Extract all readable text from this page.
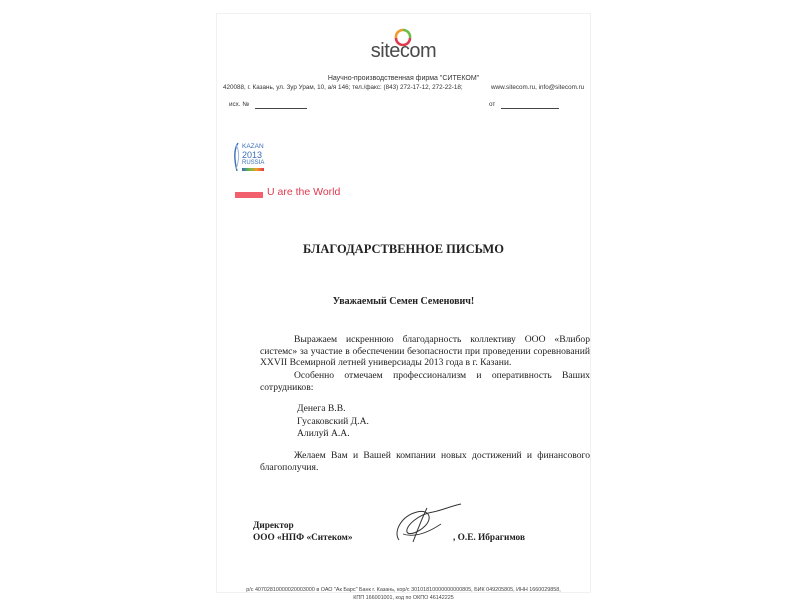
sitecom
Научно-производственная фирма "СИТЕКОМ"
420088, г. Казань, ул. Зур Урам, 10, а/я 146; тел./факс: (843) 272-17-12, 272-22-18;	www.sitecom.ru, info@sitecom.ru
исх. №	от
KAZAN
2013
RUSSIA
U are the World
БЛАГОДАРСТВЕННОЕ ПИСЬМО
Уважаемый Семен Семенович!
Выражаем искреннюю благодарность коллективу ООО «Влибор системс» за участие в обеспечении безопасности при проведении соревнований XXVII Всемирной летней универсиады 2013 года в г. Казани.
Особенно отмечаем профессионализм и оперативность Ваших сотрудников:
Денега В.В.
Гусаковский Д.А.
Алилуй А.А.
Желаем Вам и Вашей компании новых достижений и финансового благополучия.
Директор
ООО «НПФ «Ситеком»	, О.Е. Ибрагимов
р/с 40702810000020003000 в ОАО "Ак Барс" Банк г. Казань, кор/с 30101810000000000805, БИК 049205805, ИНН 1660029858,
КПП 166001001, код по ОКПО 46142225
